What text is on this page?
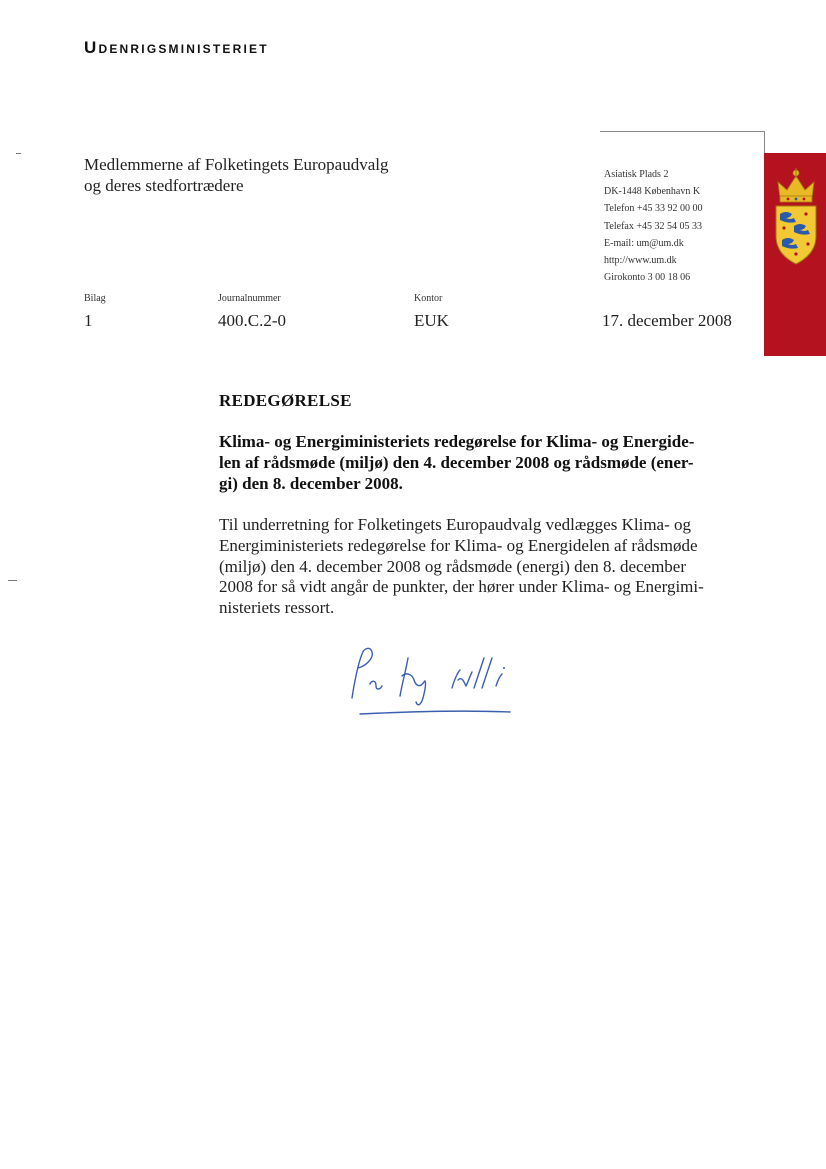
Udenrigsministeriet
Medlemmerne af Folketingets Europaudvalg
og deres stedfortrædere
Asiatisk Plads 2
DK-1448 København K
Telefon +45 33 92 00 00
Telefax +45 32 54 05 33
E-mail: um@um.dk
http://www.um.dk
Girokonto 3 00 18 06
Bilag
1
Journalnummer
400.C.2-0
Kontor
EUK	17. december 2008
REDEGØRELSE
Klima- og Energiministeriets redegørelse for Klima- og Energide-
len af rådsmøde (miljø) den 4. december 2008 og rådsmøde (ener-
gi) den 8. december 2008.
Til underretning for Folketingets Europaudvalg vedlægges Klima- og
Energiministeriets redegørelse for Klima- og Energidelen af rådsmøde
(miljø) den 4. december 2008 og rådsmøde (energi) den 8. december
2008 for så vidt angår de punkter, der hører under Klima- og Energimi-
nisteriets ressort.
